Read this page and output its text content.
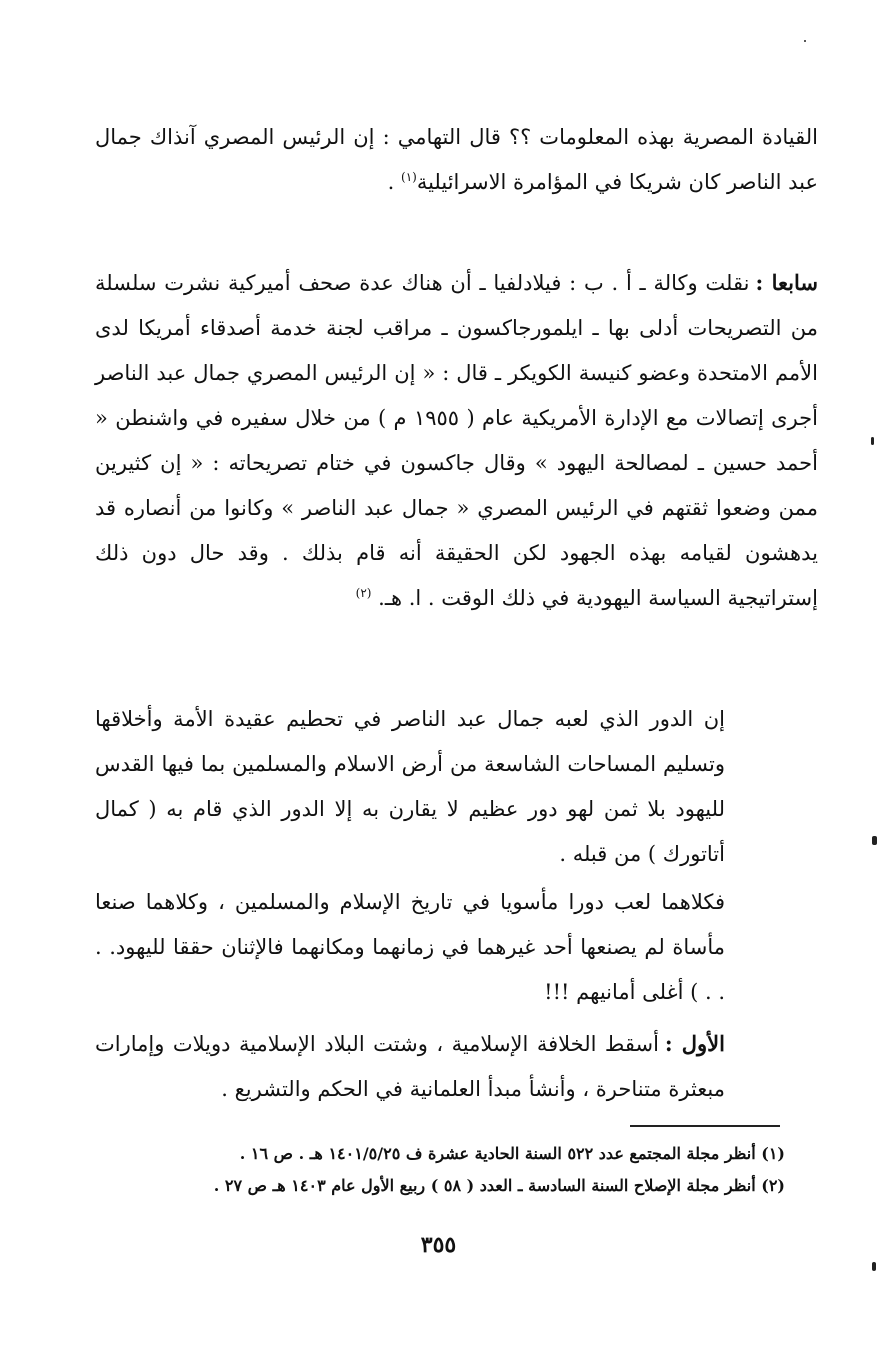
القيادة المصرية بهذه المعلومات ؟؟ قال التهامي : إن الرئيس المصري آنذاك جمال عبد الناصر كان شريكا في المؤامرة الاسرائيلية$^{(١)}$ .

سابعا :نقلت وكالة ـ أ . ب : فيلادلفيا ـ أن هناك عدة صحف أميركية نشرت سلسلة من التصريحات أدلى بها ـ ايلمورجاكسون ـ مراقب لجنة خدمة أصدقاء أمريكا لدى الأمم الامتحدة وعضو كنيسة الكويكر ـ قال : « إن الرئيس المصري جمال عبد الناصر أجرى إتصالات مع الإدارة الأمريكية عام ( ١٩٥٥ م ) من خلال سفيره في واشنطن « أحمد حسين ـ لمصالحة اليهود » وقال جاكسون في ختام تصريحاته : « إن كثيرين ممن وضعوا ثقتهم في الرئيس المصري « جمال عبد الناصر » وكانوا من أنصاره قد يدهشون لقيامه بهذه الجهود لكن الحقيقة أنه قام بذلك . وقد حال دون ذلك إستراتيجية السياسة اليهودية في ذلك الوقت . ا. هـ. $^{(٢)}$

إن الدور الذي لعبه جمال عبد الناصر في تحطيم عقيدة الأمة وأخلاقها وتسليم المساحات الشاسعة من أرض الاسلام والمسلمين بما فيها القدس لليهود بلا ثمن لهو دور عظيم لا يقارن به إلا الدور الذي قام به ( كمال أتاتورك ) من قبله .

فكلاهما لعب دورا مأسويا في تاريخ الإسلام والمسلمين ، وكلاهما صنعا مأساة لم يصنعها أحد غيرهما في زمانهما ومكانهما فالإثنان حققا لليهود. . . . ) أغلى أمانيهم !!!

الأول :أسقط الخلافة الإسلامية ، وشتت البلاد الإسلامية دويلات وإمارات مبعثرة متناحرة ، وأنشأ مبدأ العلمانية في الحكم والتشريع .

(١) أنظر مجلة المجتمع عدد ٥٢٢ السنة الحادية عشرة ف ١٤٠١/٥/٢٥ هـ . ص ١٦ .

(٢) أنظر مجلة الإصلاح السنة السادسة ـ العدد ( ٥٨ ) ربيع الأول عام ١٤٠٣ هـ ص ٢٧ .

٣٥٥
